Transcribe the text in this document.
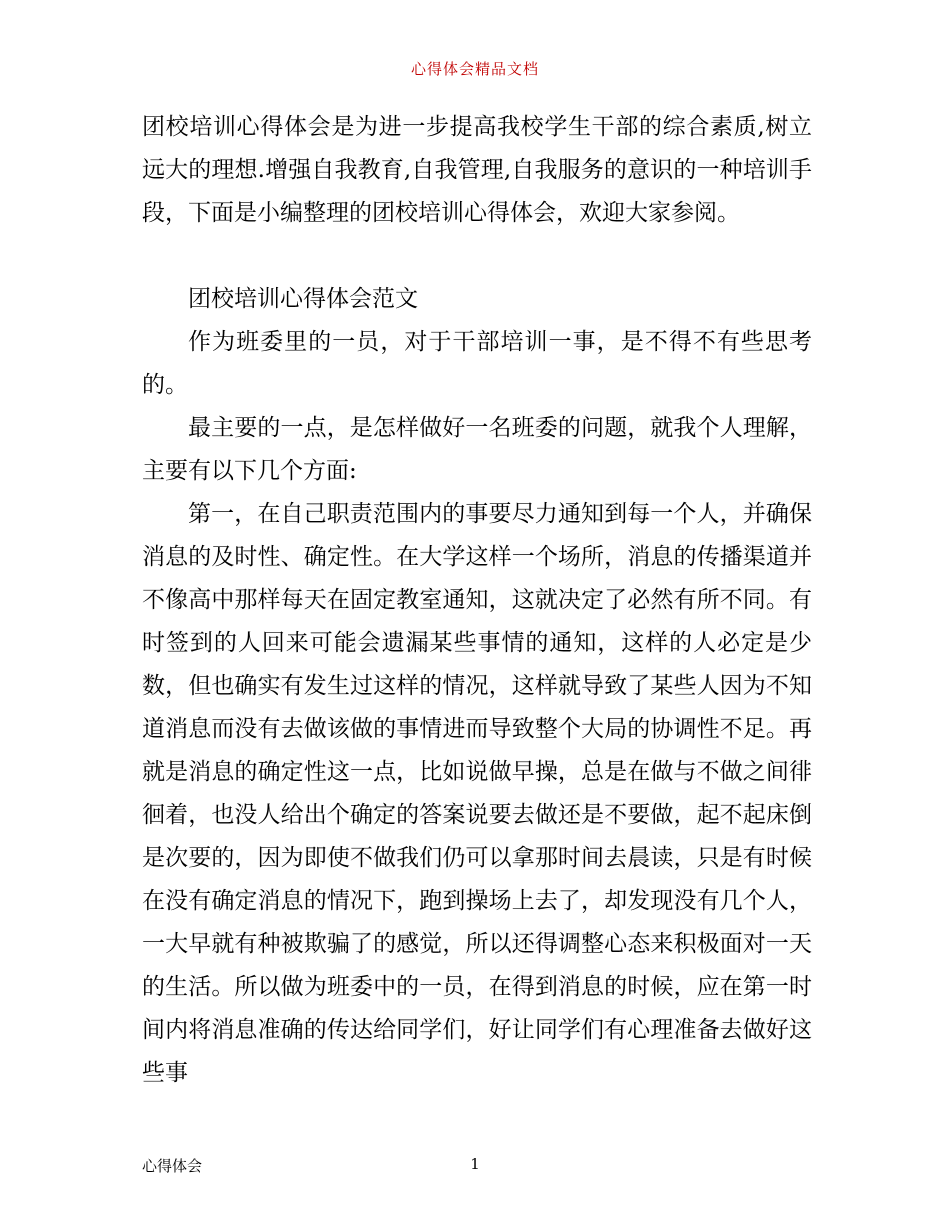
心得体会精品文档

团校培训心得体会是为进一步提高我校学生干部的综合素质,树立远大的理想.增强自我教育,自我管理,自我服务的意识的一种培训手段，下面是小编整理的团校培训心得体会，欢迎大家参阅。

团校培训心得体会范文

作为班委里的一员，对于干部培训一事，是不得不有些思考的。

最主要的一点，是怎样做好一名班委的问题，就我个人理解，主要有以下几个方面:

第一，在自己职责范围内的事要尽力通知到每一个人，并确保消息的及时性、确定性。在大学这样一个场所，消息的传播渠道并不像高中那样每天在固定教室通知，这就决定了必然有所不同。有时签到的人回来可能会遗漏某些事情的通知，这样的人必定是少数，但也确实有发生过这样的情况，这样就导致了某些人因为不知道消息而没有去做该做的事情进而导致整个大局的协调性不足。再就是消息的确定性这一点，比如说做早操，总是在做与不做之间徘徊着，也没人给出个确定的答案说要去做还是不要做，起不起床倒是次要的，因为即使不做我们仍可以拿那时间去晨读，只是有时候在没有确定消息的情况下，跑到操场上去了，却发现没有几个人，一大早就有种被欺骗了的感觉，所以还得调整心态来积极面对一天的生活。所以做为班委中的一员，在得到消息的时候，应在第一时间内将消息准确的传达给同学们，好让同学们有心理准备去做好这些事

心得体会	1
